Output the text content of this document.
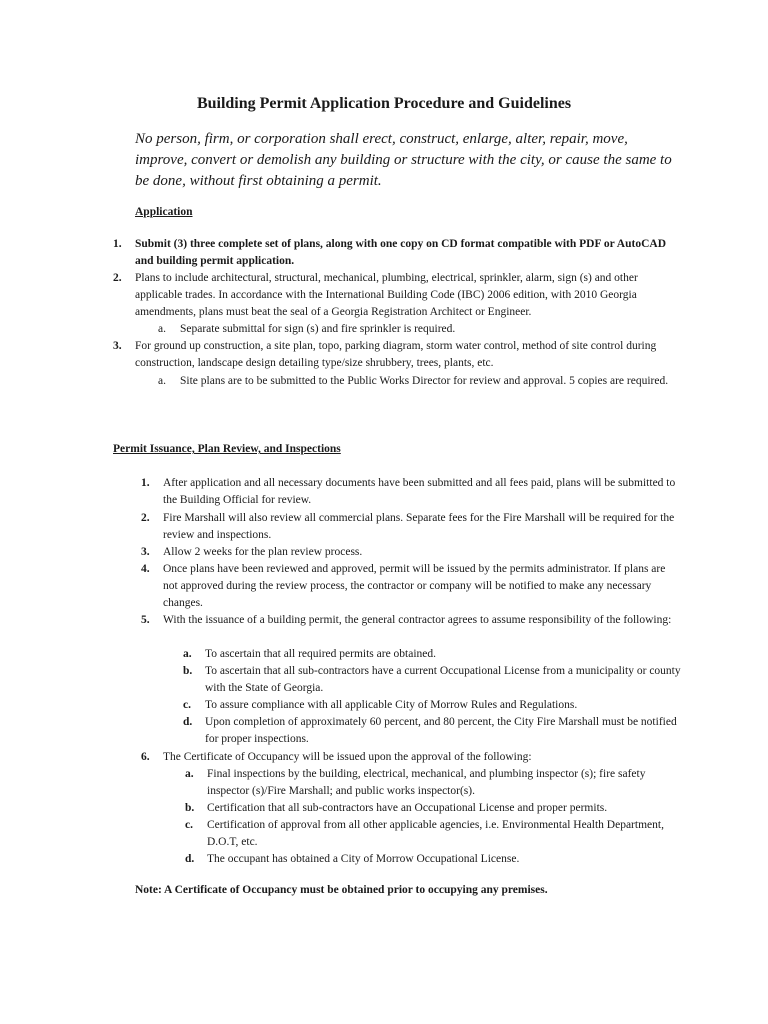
Building Permit Application Procedure and Guidelines
No person, firm, or corporation shall erect, construct, enlarge, alter, repair, move, improve, convert or demolish any building or structure with the city, or cause the same to be done, without first obtaining a permit.
Application
1. Submit (3) three complete set of plans, along with one copy on CD format compatible with PDF or AutoCAD and building permit application.
2. Plans to include architectural, structural, mechanical, plumbing, electrical, sprinkler, alarm, sign (s) and other applicable trades. In accordance with the International Building Code (IBC) 2006 edition, with 2010 Georgia amendments, plans must beat the seal of a Georgia Registration Architect or Engineer.
a. Separate submittal for sign (s) and fire sprinkler is required.
3. For ground up construction, a site plan, topo, parking diagram, storm water control, method of site control during construction, landscape design detailing type/size shrubbery, trees, plants, etc.
a. Site plans are to be submitted to the Public Works Director for review and approval. 5 copies are required.
Permit Issuance, Plan Review, and Inspections
1. After application and all necessary documents have been submitted and all fees paid, plans will be submitted to the Building Official for review.
2. Fire Marshall will also review all commercial plans. Separate fees for the Fire Marshall will be required for the review and inspections.
3. Allow 2 weeks for the plan review process.
4. Once plans have been reviewed and approved, permit will be issued by the permits administrator. If plans are not approved during the review process, the contractor or company will be notified to make any necessary changes.
5. With the issuance of a building permit, the general contractor agrees to assume responsibility of the following:
a. To ascertain that all required permits are obtained.
b. To ascertain that all sub-contractors have a current Occupational License from a municipality or county with the State of Georgia.
c. To assure compliance with all applicable City of Morrow Rules and Regulations.
d. Upon completion of approximately 60 percent, and 80 percent, the City Fire Marshall must be notified for proper inspections.
6. The Certificate of Occupancy will be issued upon the approval of the following:
a. Final inspections by the building, electrical, mechanical, and plumbing inspector (s); fire safety inspector (s)/Fire Marshall; and public works inspector(s).
b. Certification that all sub-contractors have an Occupational License and proper permits.
c. Certification of approval from all other applicable agencies, i.e. Environmental Health Department, D.O.T, etc.
d. The occupant has obtained a City of Morrow Occupational License.
Note: A Certificate of Occupancy must be obtained prior to occupying any premises.
